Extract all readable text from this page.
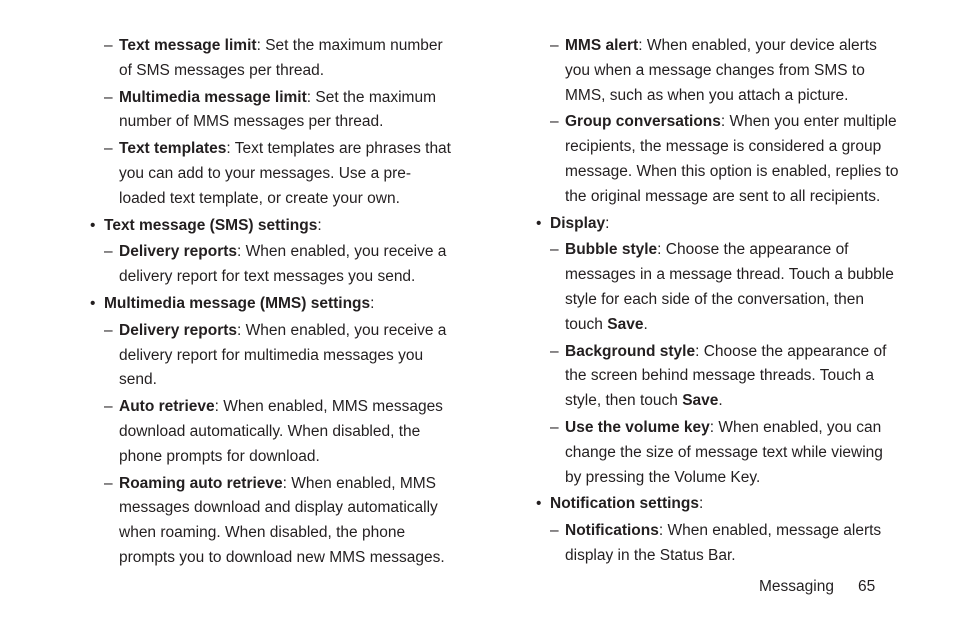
– Text message limit: Set the maximum number of SMS messages per thread.
– Multimedia message limit: Set the maximum number of MMS messages per thread.
– Text templates: Text templates are phrases that you can add to your messages. Use a pre-loaded text template, or create your own.
• Text message (SMS) settings:
– Delivery reports: When enabled, you receive a delivery report for text messages you send.
• Multimedia message (MMS) settings:
– Delivery reports: When enabled, you receive a delivery report for multimedia messages you send.
– Auto retrieve: When enabled, MMS messages download automatically. When disabled, the phone prompts for download.
– Roaming auto retrieve: When enabled, MMS messages download and display automatically when roaming. When disabled, the phone prompts you to download new MMS messages.
– MMS alert: When enabled, your device alerts you when a message changes from SMS to MMS, such as when you attach a picture.
– Group conversations: When you enter multiple recipients, the message is considered a group message. When this option is enabled, replies to the original message are sent to all recipients.
• Display:
– Bubble style: Choose the appearance of messages in a message thread. Touch a bubble style for each side of the conversation, then touch Save.
– Background style: Choose the appearance of the screen behind message threads. Touch a style, then touch Save.
– Use the volume key: When enabled, you can change the size of message text while viewing by pressing the Volume Key.
• Notification settings:
– Notifications: When enabled, message alerts display in the Status Bar.
Messaging 65
